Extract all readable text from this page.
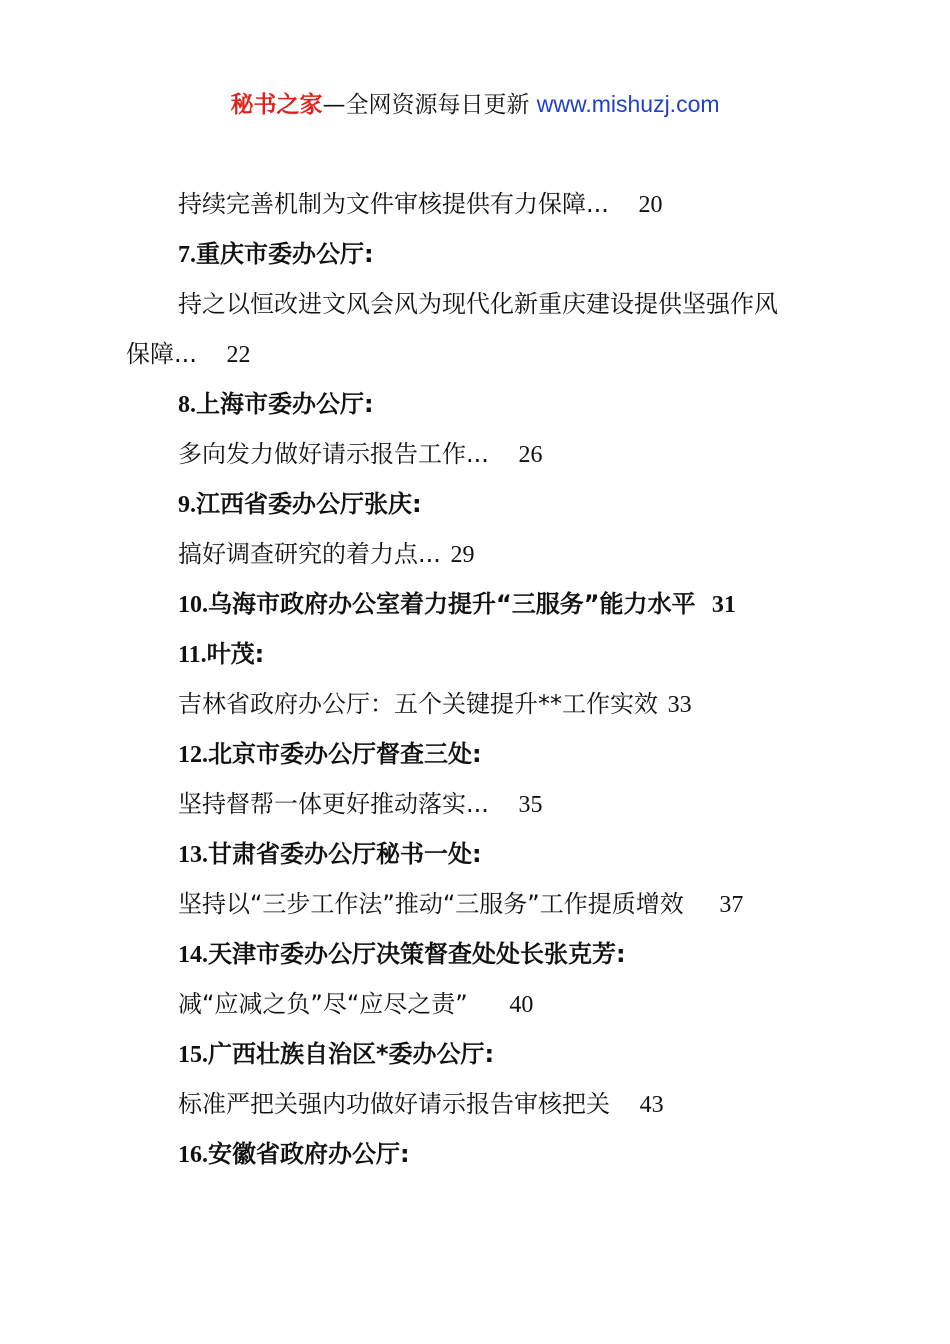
秘书之家—全网资源每日更新 www.mishuzj.com
持续完善机制为文件审核提供有力保障... 20
7.重庆市委办公厅:
持之以恒改进文风会风为现代化新重庆建设提供坚强作风
保障... 22
8.上海市委办公厅:
多向发力做好请示报告工作... 26
9.江西省委办公厅张庆:
搞好调查研究的着力点... 29
10.乌海市政府办公室着力提升“三服务”能力水平 31
11.叶茂:
吉林省政府办公厅：五个关键提升**工作实效 33
12.北京市委办公厅督查三处:
坚持督帮一体更好推动落实... 35
13.甘肃省委办公厅秘书一处:
坚持以“三步工作法”推动“三服务”工作提质增效 37
14.天津市委办公厅决策督查处处长张克芳:
减“应减之负”尽“应尽之责” 40
15.广西壮族自治区*委办公厅:
标准严把关强内功做好请示报告审核把关 43
16.安徽省政府办公厅:
